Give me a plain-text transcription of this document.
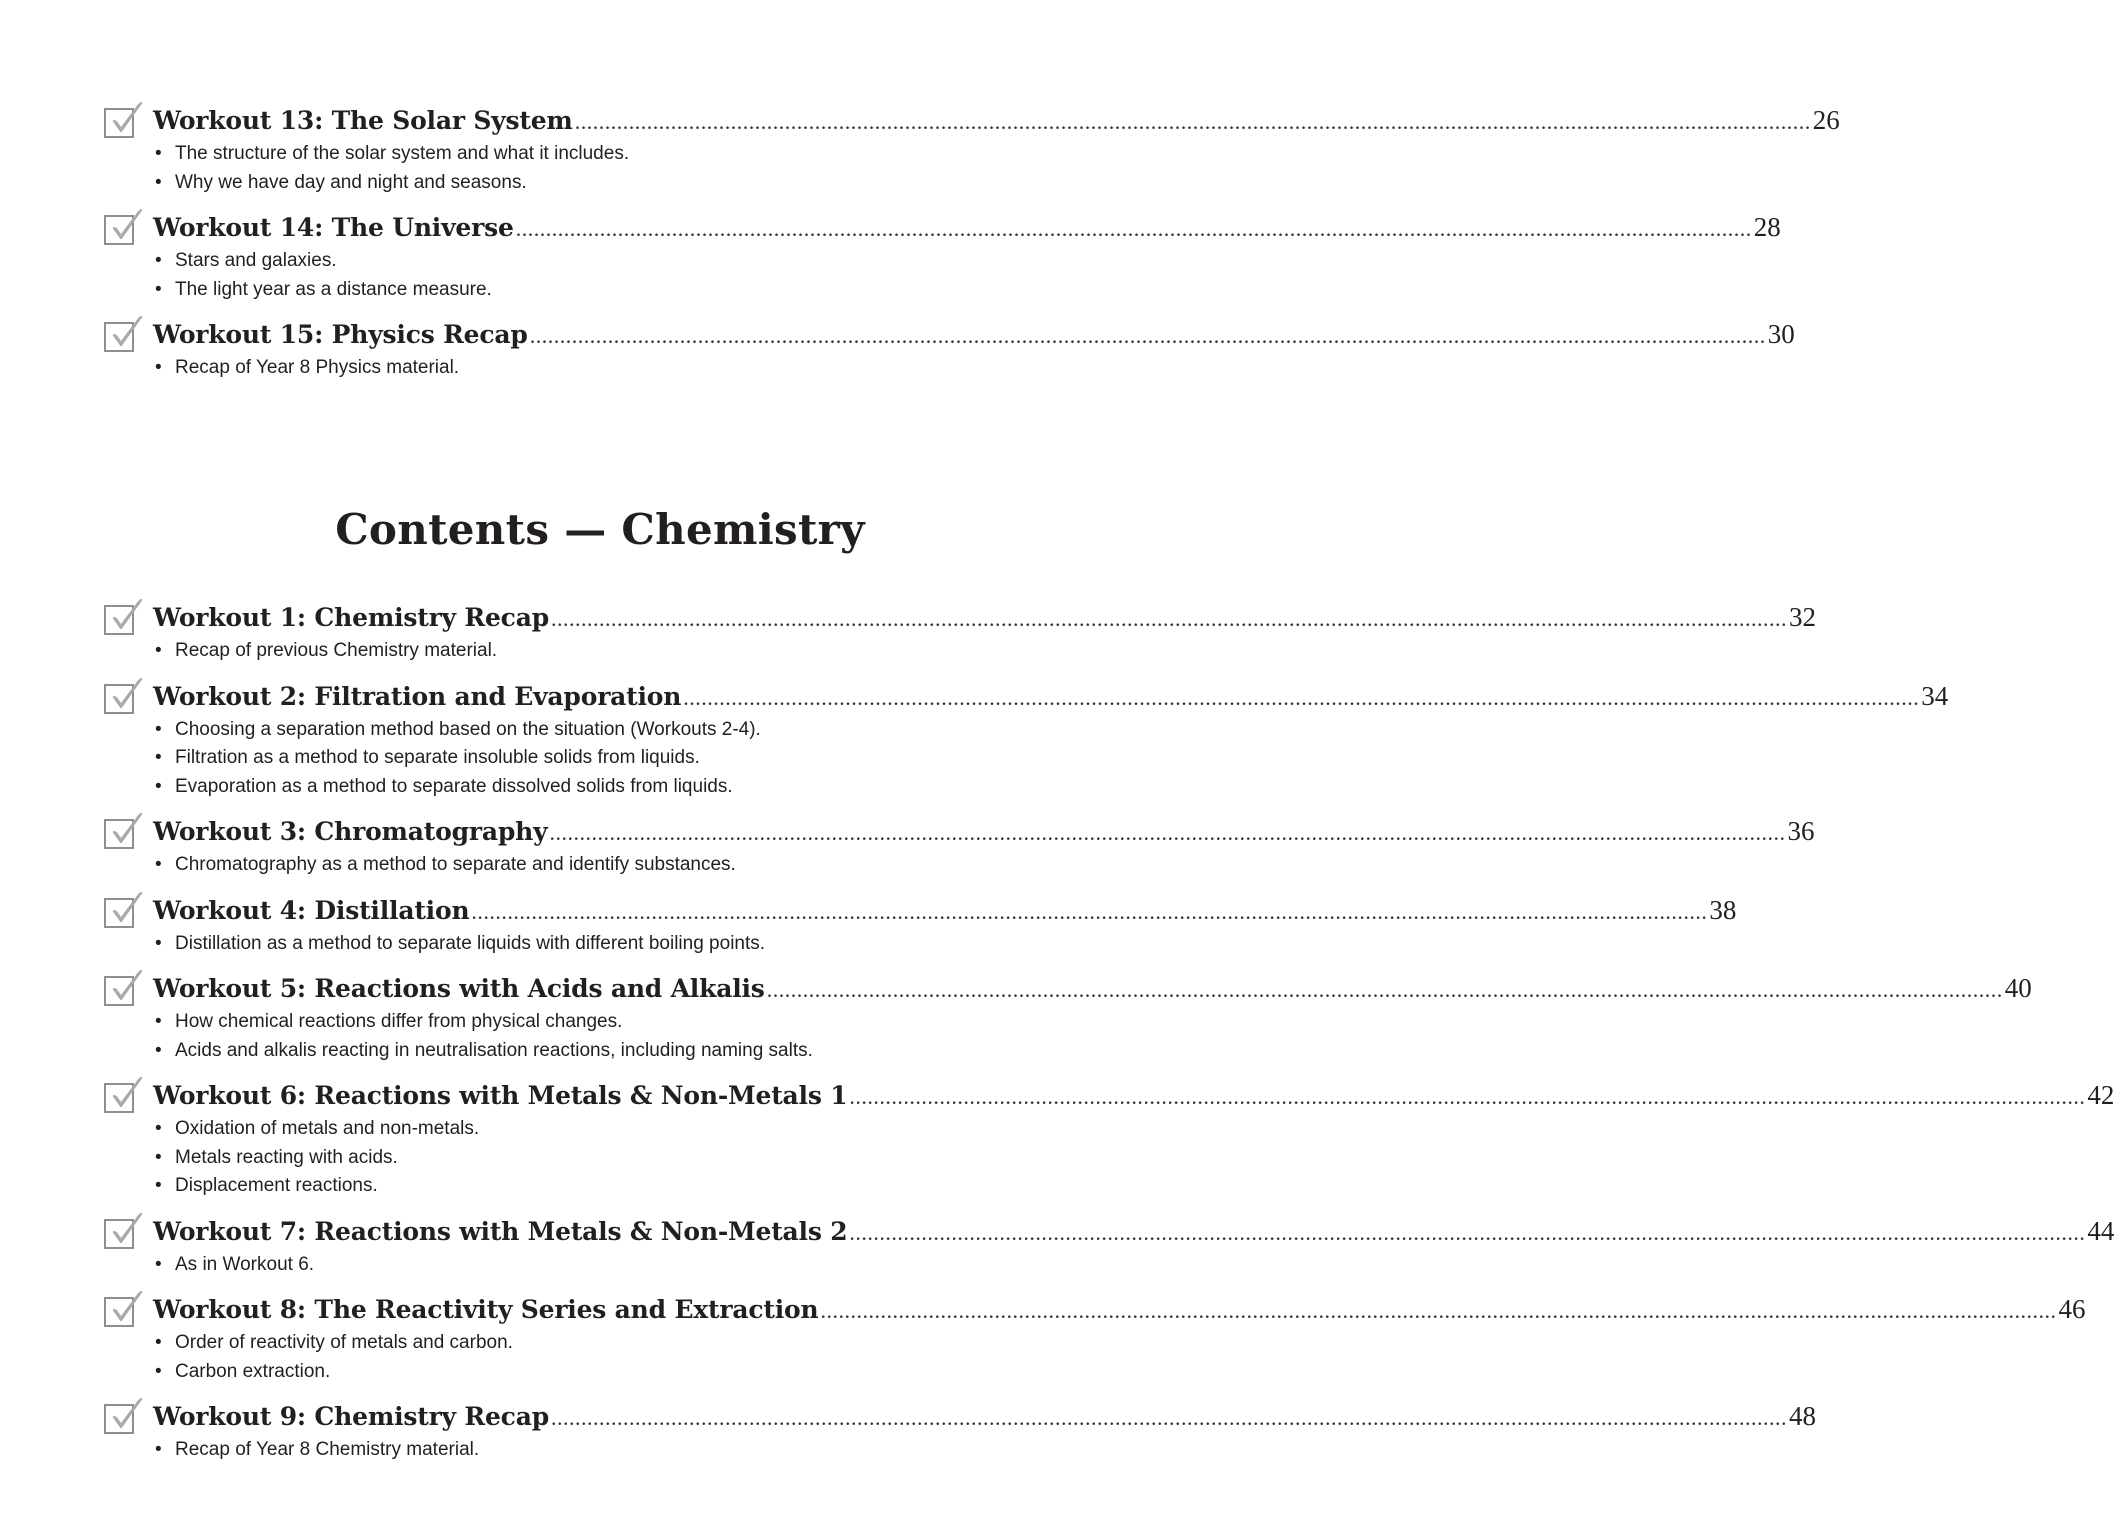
Workout 13: The Solar System .............................................................................................................................................................................................................. 26
• The structure of the solar system and what it includes.
• Why we have day and night and seasons.
Workout 14: The Universe .............................................................................................................................................................................................................. 28
• Stars and galaxies.
• The light year as a distance measure.
Workout 15: Physics Recap .............................................................................................................................................................................................................. 30
• Recap of Year 8 Physics material.
Contents — Chemistry
Workout 1: Chemistry Recap .............................................................................................................................................................................................................. 32
• Recap of previous Chemistry material.
Workout 2: Filtration and Evaporation .............................................................................................................................................................................................................. 34
• Choosing a separation method based on the situation (Workouts 2-4).
• Filtration as a method to separate insoluble solids from liquids.
• Evaporation as a method to separate dissolved solids from liquids.
Workout 3: Chromatography .............................................................................................................................................................................................................. 36
• Chromatography as a method to separate and identify substances.
Workout 4: Distillation .............................................................................................................................................................................................................. 38
• Distillation as a method to separate liquids with different boiling points.
Workout 5: Reactions with Acids and Alkalis .............................................................................................................................................................................................................. 40
• How chemical reactions differ from physical changes.
• Acids and alkalis reacting in neutralisation reactions, including naming salts.
Workout 6: Reactions with Metals & Non-Metals 1 .............................................................................................................................................................................................................. 42
• Oxidation of metals and non-metals.
• Metals reacting with acids.
• Displacement reactions.
Workout 7: Reactions with Metals & Non-Metals 2 .............................................................................................................................................................................................................. 44
• As in Workout 6.
Workout 8: The Reactivity Series and Extraction .............................................................................................................................................................................................................. 46
• Order of reactivity of metals and carbon.
• Carbon extraction.
Workout 9: Chemistry Recap .............................................................................................................................................................................................................. 48
• Recap of Year 8 Chemistry material.
